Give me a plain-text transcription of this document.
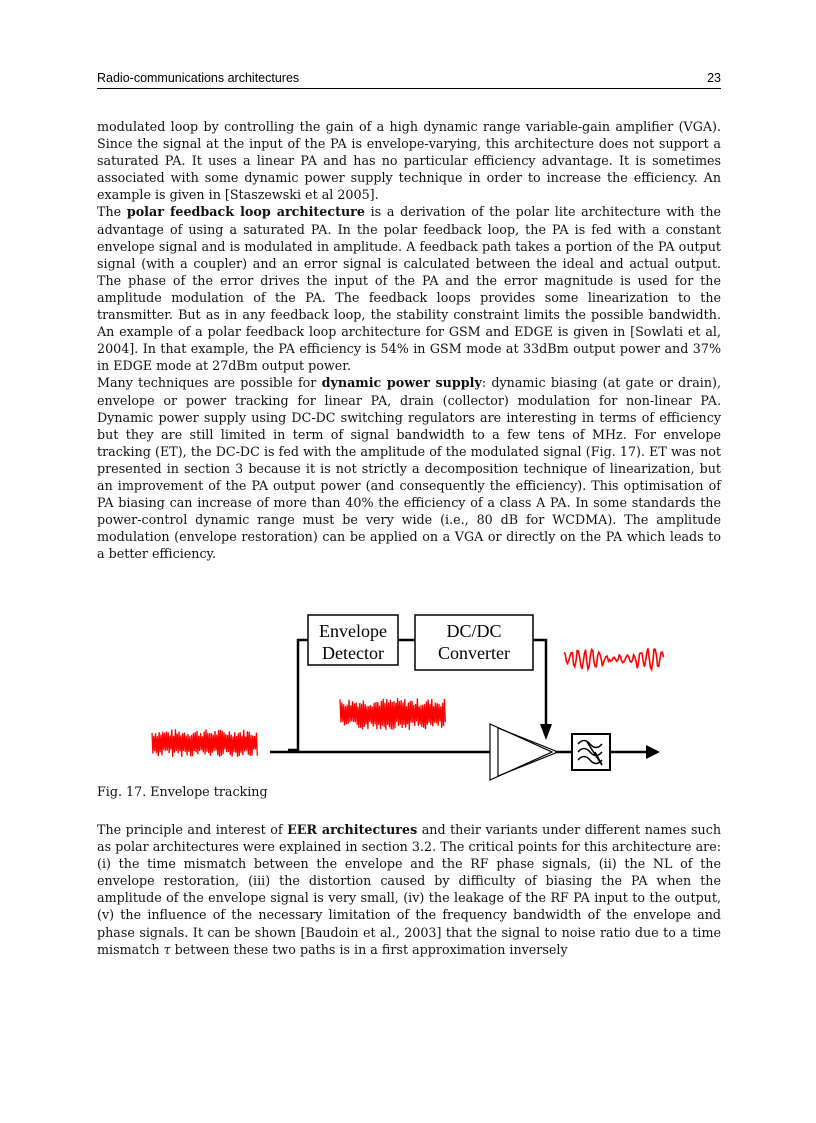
Radio-communications architectures	23

modulated loop by controlling the gain of a high dynamic range variable-gain amplifier (VGA). Since the signal at the input of the PA is envelope-varying, this architecture does not support a saturated PA. It uses a linear PA and has no particular efficiency advantage. It is sometimes associated with some dynamic power supply technique in order to increase the efficiency. An example is given in [Staszewski et al 2005].

The polar feedback loop architecture is a derivation of the polar lite architecture with the advantage of using a saturated PA. In the polar feedback loop, the PA is fed with a constant envelope signal and is modulated in amplitude. A feedback path takes a portion of the PA output signal (with a coupler) and an error signal is calculated between the ideal and actual output. The phase of the error drives the input of the PA and the error magnitude is used for the amplitude modulation of the PA. The feedback loops provides some linearization to the transmitter. But as in any feedback loop, the stability constraint limits the possible bandwidth. An example of a polar feedback loop architecture for GSM and EDGE is given in [Sowlati et al, 2004]. In that example, the PA efficiency is 54% in GSM mode at 33dBm output power and 37% in EDGE mode at 27dBm output power.

Many techniques are possible for dynamic power supply: dynamic biasing (at gate or drain), envelope or power tracking for linear PA, drain (collector) modulation for non-linear PA. Dynamic power supply using DC-DC switching regulators are interesting in terms of efficiency but they are still limited in term of signal bandwidth to a few tens of MHz. For envelope tracking (ET), the DC-DC is fed with the amplitude of the modulated signal (Fig. 17). ET was not presented in section 3 because it is not strictly a decomposition technique of linearization, but an improvement of the PA output power (and consequently the efficiency). This optimisation of PA biasing can increase of more than 40% the efficiency of a class A PA. In some standards the power-control dynamic range must be very wide (i.e., 80 dB for WCDMA). The amplitude modulation (envelope restoration) can be applied on a VGA or directly on the PA which leads to a better efficiency.

Envelope
Detector
DC/DC
Converter
Fig. 17. Envelope tracking

The principle and interest of EER architectures and their variants under different names such as polar architectures were explained in section 3.2. The critical points for this architecture are: (i) the time mismatch between the envelope and the RF phase signals, (ii) the NL of the envelope restoration, (iii) the distortion caused by difficulty of biasing the PA when the amplitude of the envelope signal is very small, (iv) the leakage of the RF PA input to the output, (v) the influence of the necessary limitation of the frequency bandwidth of the envelope and phase signals. It can be shown [Baudoin et al., 2003] that the signal to noise ratio due to a time mismatch τ between these two paths is in a first approximation inversely
